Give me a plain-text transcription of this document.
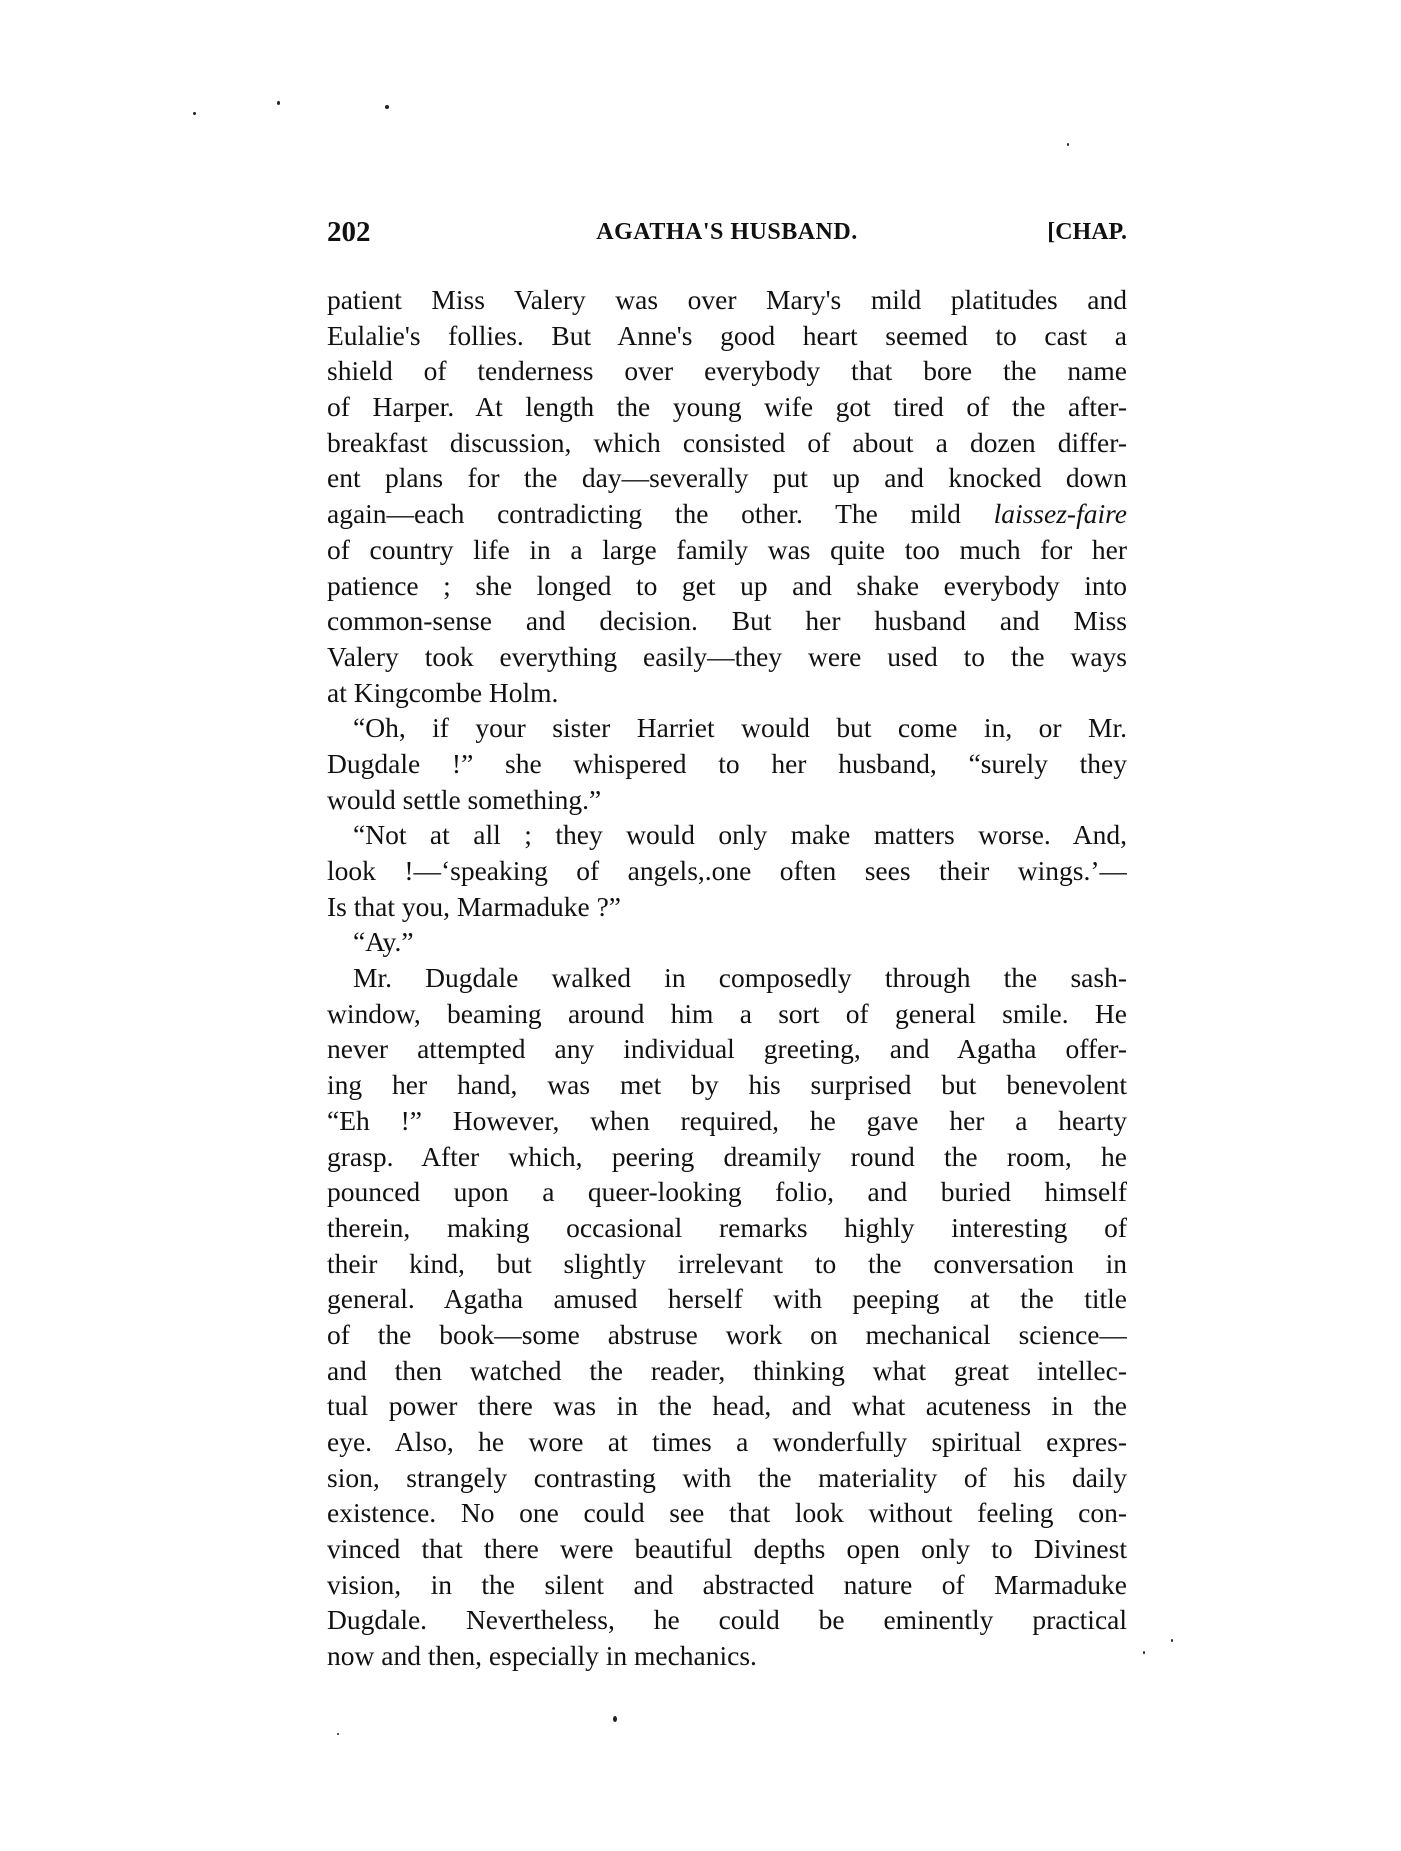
202	AGATHA'S HUSBAND.	[CHAP.
patient Miss Valery was over Mary's mild platitudes and
Eulalie's follies. But Anne's good heart seemed to cast a
shield of tenderness over everybody that bore the name
of Harper. At length the young wife got tired of the after-
breakfast discussion, which consisted of about a dozen differ-
ent plans for the day—severally put up and knocked down
again—each contradicting the other. The mild laissez-faire
of country life in a large family was quite too much for her
patience ; she longed to get up and shake everybody into
common-sense and decision. But her husband and Miss
Valery took everything easily—they were used to the ways
at Kingcombe Holm.
“Oh, if your sister Harriet would but come in, or Mr.
Dugdale !” she whispered to her husband, “surely they
would settle something.”
“Not at all ; they would only make matters worse. And,
look !—‘speaking of angels,.one often sees their wings.’—
Is that you, Marmaduke ?”
“Ay.”
Mr. Dugdale walked in composedly through the sash-
window, beaming around him a sort of general smile. He
never attempted any individual greeting, and Agatha offer-
ing her hand, was met by his surprised but benevolent
“Eh !” However, when required, he gave her a hearty
grasp. After which, peering dreamily round the room, he
pounced upon a queer-looking folio, and buried himself
therein, making occasional remarks highly interesting of
their kind, but slightly irrelevant to the conversation in
general. Agatha amused herself with peeping at the title
of the book—some abstruse work on mechanical science—
and then watched the reader, thinking what great intellec-
tual power there was in the head, and what acuteness in the
eye. Also, he wore at times a wonderfully spiritual expres-
sion, strangely contrasting with the materiality of his daily
existence. No one could see that look without feeling con-
vinced that there were beautiful depths open only to Divinest
vision, in the silent and abstracted nature of Marmaduke
Dugdale. Nevertheless, he could be eminently practical
now and then, especially in mechanics.
